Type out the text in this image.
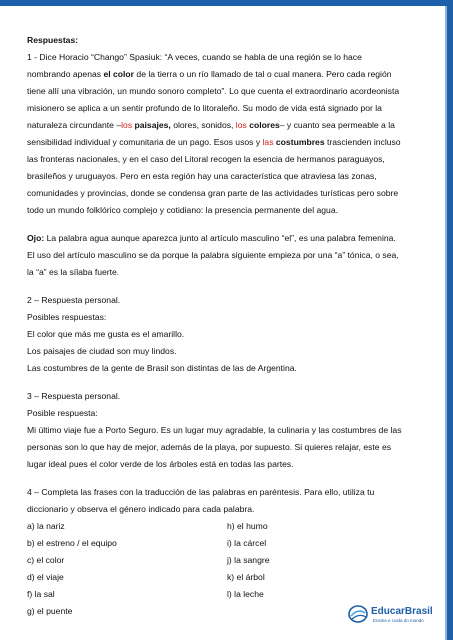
Respuestas:
1 - Dice Horacio “Chango” Spasiuk: “A veces, cuando se habla de una región se lo hace
nombrando apenas el color de la tierra o un río llamado de tal o cual manera. Pero cada región
tiene allí una vibración, un mundo sonoro completo”. Lo que cuenta el extraordinario acordeonista
misionero se aplica a un sentir profundo de lo litoraleño. Su modo de vida está signado por la
naturaleza circundante –los paisajes, olores, sonidos, los colores– y cuanto sea permeable a la
sensibilidad individual y comunitaria de un pago. Esos usos y las costumbres trascienden incluso
las fronteras nacionales, y en el caso del Litoral recogen la esencia de hermanos paraguayos,
brasileños y uruguayos. Pero en esta región hay una característica que atraviesa las zonas,
comunidades y provincias, donde se condensa gran parte de las actividades turísticas pero sobre
todo un mundo folklórico complejo y cotidiano: la presencia permanente del agua.
Ojo: La palabra agua aunque aparezca junto al artículo masculino “el”, es una palabra femenina.
El uso del artículo masculino se da porque la palabra siguiente empieza por una “a” tónica, o sea,
la “a” es la sílaba fuerte.
2 – Respuesta personal.
Posibles respuestas:
El color que más me gusta es el amarillo.
Los paisajes de ciudad son muy lindos.
Las costumbres de la gente de Brasil son distintas de las de Argentina.
3 – Respuesta personal.
Posible respuesta:
Mi último viaje fue a Porto Seguro. Es un lugar muy agradable, la culinaria y las costumbres de las
personas son lo que hay de mejor, además de la playa, por supuesto. Si quieres relajar, este es
lugar ideal pues el color verde de los árboles está en todas las partes.
4 – Completa las frases con la traducción de las palabras en paréntesis. Para ello, utiliza tu
diccionario y observa el género indicado para cada palabra.
a) la nariz	h) el humo
b) el estreno / el equipo	i) la cárcel
c) el color	j) la sangre
d) el viaje	k) el árbol
f) la sal	l) la leche
g) el puente	EducarBrasil
Ensina e cuida do mundo
